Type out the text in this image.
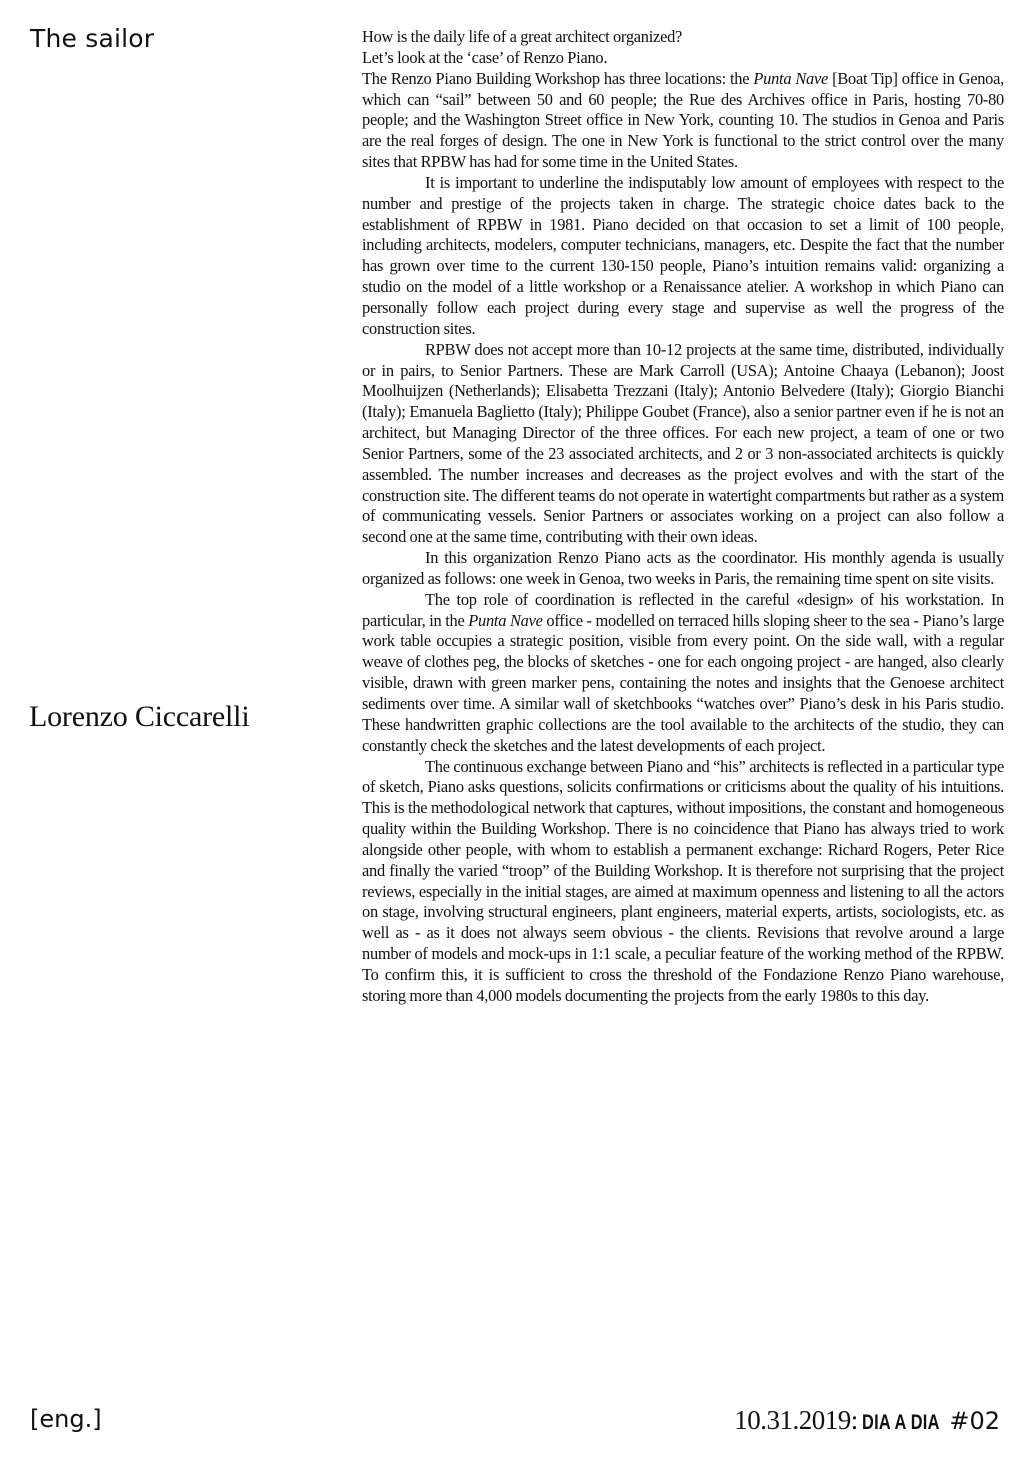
The sailor
Lorenzo Ciccarelli

How is the daily life of a great architect organized?

Let’s look at the ‘case’ of Renzo Piano.

The Renzo Piano Building Workshop has three locations: the Punta Nave [Boat Tip] office in Genoa, which can “sail” between 50 and 60 people; the Rue des Archives office in Paris, hosting 70-80 people; and the Washington Street office in New York, counting 10. The studios in Genoa and Paris are the real forges of design. The one in New York is functional to the strict control over the many sites that RPBW has had for some time in the United States.

It is important to underline the indisputably low amount of employees with respect to the number and prestige of the projects taken in charge. The strategic choice dates back to the establishment of RPBW in 1981. Piano decided on that occasion to set a limit of 100 people, including architects, modelers, computer technicians, managers, etc. Despite the fact that the number has grown over time to the current 130-150 people, Piano’s intuition remains valid: organizing a studio on the model of a little workshop or a Renaissance atelier. A workshop in which Piano can personally follow each project during every stage and supervise as well the progress of the construction sites.

RPBW does not accept more than 10-12 projects at the same time, distributed, individually or in pairs, to Senior Partners. These are Mark Carroll (USA); Antoine Chaaya (Lebanon); Joost Moolhuijzen (Netherlands); Elisabetta Trezzani (Italy); Antonio Belvedere (Italy); Giorgio Bianchi (Italy); Emanuela Baglietto (Italy); Philippe Goubet (France), also a senior partner even if he is not an architect, but Managing Director of the three offices. For each new project, a team of one or two Senior Partners, some of the 23 associated architects, and 2 or 3 non-associated architects is quickly assembled. The number increases and decreases as the project evolves and with the start of the construction site. The different teams do not operate in watertight compartments but rather as a system of communicating vessels. Senior Partners or associates working on a project can also follow a second one at the same time, contributing with their own ideas.

In this organization Renzo Piano acts as the coordinator. His monthly agenda is usually organized as follows: one week in Genoa, two weeks in Paris, the remaining time spent on site visits.

The top role of coordination is reflected in the careful «design» of his workstation. In particular, in the Punta Nave office - modelled on terraced hills sloping sheer to the sea - Piano’s large work table occupies a strategic position, visible from every point. On the side wall, with a regular weave of clothes peg, the blocks of sketches - one for each ongoing project - are hanged, also clearly visible, drawn with green marker pens, containing the notes and insights that the Genoese architect sediments over time. A similar wall of sketchbooks “watches over” Piano’s desk in his Paris studio. These handwritten graphic collections are the tool available to the architects of the studio, they can constantly check the sketches and the latest developments of each project.

The continuous exchange between Piano and “his” architects is reflected in a particular type of sketch, Piano asks questions, solicits confirmations or criticisms about the quality of his intuitions. This is the methodological network that captures, without impositions, the constant and homogeneous quality within the Building Workshop. There is no coincidence that Piano has always tried to work alongside other people, with whom to establish a permanent exchange: Richard Rogers, Peter Rice and finally the varied “troop” of the Building Workshop. It is therefore not surprising that the project reviews, especially in the initial stages, are aimed at maximum openness and listening to all the actors on stage, involving structural engineers, plant engineers, material experts, artists, sociologists, etc. as well as - as it does not always seem obvious - the clients. Revisions that revolve around a large number of models and mock-ups in 1:1 scale, a peculiar feature of the working method of the RPBW. To confirm this, it is sufficient to cross the threshold of the Fondazione Renzo Piano warehouse, storing more than 4,000 models documenting the projects from the early 1980s to this day.

[eng.]	10.31.2019: DIA A DIA #02
